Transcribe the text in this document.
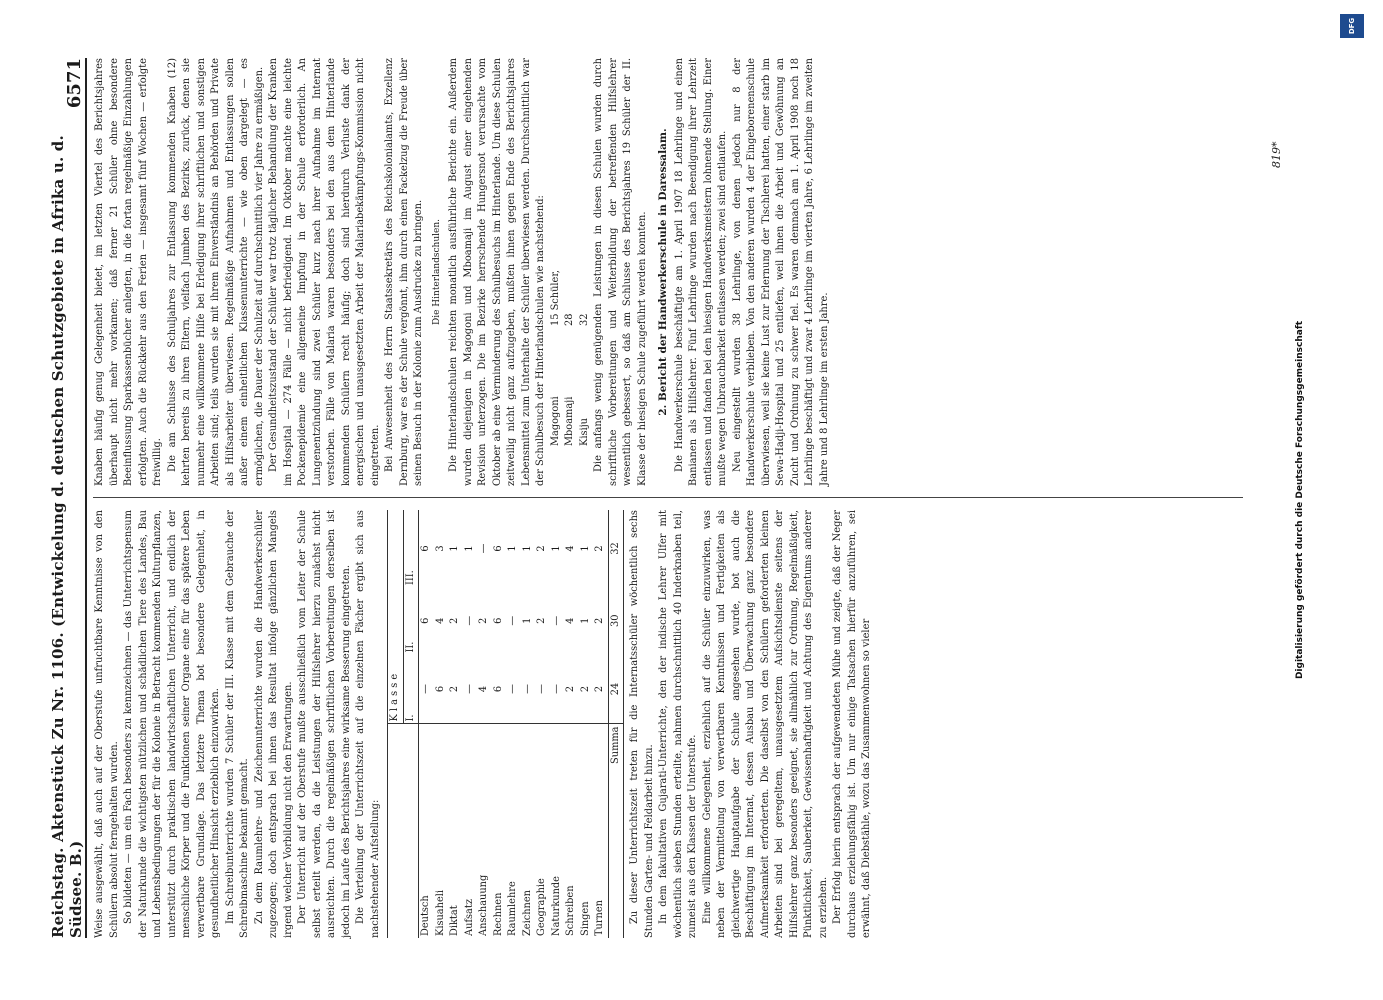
Reichstag. Aktenstück Zu Nr. 1106. (Entwickelung d. deutschen Schutzgebiete in Afrika u. d. Südsee. B.)
6571

Weise ausgewählt, daß auch auf der Oberstufe unfruchtbare Kenntnisse von den Schülern absolut ferngehalten wurden. So bildeten — um ein Fach besonders zu kennzeichnen — das Unterrichtspensum der Naturkunde die wichtigsten nützlichen und schädlichen Tiere des Landes, Bau und Lebensbedingungen der für die Kolonie in Betracht kommenden Kulturpflanzen, unterstützt durch praktischen landwirtschaftlichen Unterricht, und endlich der menschliche Körper und die Funktionen seiner Organe eine für das spätere Leben verwertbare Grundlage. Das letztere Thema bot besondere Gelegenheit, in gesundheitlicher Hinsicht erzieblich einzuwirken. Im Schreibunterrichte wurden 7 Schüler der III. Klasse mit dem Gebrauche der Schreibmaschine bekannt gemacht. Zu dem Raumlehre- und Zeichenunterrichte wurden die Handwerkerschüler zugezogen; doch entsprach bei ihnen das Resultat infolge gänzlichen Mangels irgend welcher Vorbildung nicht den Erwartungen. Der Unterricht auf der Oberstufe mußte ausschließlich vom Leiter der Schule selbst erteilt werden, da die Leistungen der Hilfslehrer hierzu zunächst nicht ausreichten. Durch die regelmäßigen schriftlichen Vorbereitungen derselben ist jedoch im Laufe des Berichtsjahres eine wirksame Besserung eingetreten. Die Verteilung der Unterrichtszeit auf die einzelnen Fächer ergibt sich aus nachstehender Aufstellung:

	K l a s s e		
	I.	II.	III.
Deutsch	—	6	6
Kisuaheli	6	4	3
Diktat	2	2	1
Aufsatz	—	—	1
Anschauung	4	2	—
Rechnen	6	6	6
Raumlehre	—	—	1
Zeichnen	—	1	1
Geographie	—	2	2
Naturkunde	—	—	1
Schreiben	2	4	4
Singen	2	1	1
Turnen	2	2	2
Summa	24	30	32 Zu dieser Unterrichtszeit treten für die Internatsschüler wöchentlich sechs Stunden Garten- und Feldarbeit hinzu. In dem fakultativen Gujarati-Unterrichte, den der indische Lehrer Ulfer mit wöchentlich sieben Stunden erteilte, nahmen durchschnittlich 40 Inderknaben teil, zumeist aus den Klassen der Unterstufe. Eine willkommene Gelegenheit, erziehlich auf die Schüler einzuwirken, was neben der Vermittelung von verwertbaren Kenntnissen und Fertigkeiten als gleichwertige Hauptaufgabe der Schule angesehen wurde, bot auch die Beschäftigung im Internat, dessen Ausbau und Überwachung ganz besondere Aufmerksamkeit erforderten. Die daselbst von den Schülern geforderten kleinen Arbeiten sind bei geregeltem, unausgesetztem Aufsichtsdienste seitens der Hilfslehrer ganz besonders geeignet, sie allmählich zur Ordnung, Regelmäßigkeit, Pünktlichkeit, Sauberkeit, Gewissenhaftigkeit und Achtung des Eigentums anderer zu erziehen. Der Erfolg hierin entsprach der aufgewendeten Mühe und zeigte, daß der Neger durchaus erziehungsfähig ist. Um nur einige Tatsachen hierfür anzuführen, sei erwähnt, daß Diebstähle, wozu das Zusammenwohnen so vieler

Knaben häufig genug Gelegenheit bietet, im letzten Viertel des Berichtsjahres überhaupt nicht mehr vorkamen; daß ferner 21 Schüler ohne besondere Beeinflussung Sparkassenbücher anlegten, in die fortan regelmäßige Einzahlungen erfolgten. Auch die Rückkehr aus den Ferien — insgesamt fünf Wochen — erfolgte freiwillig. Die am Schlusse des Schuljahres zur Entlassung kommenden Knaben (12) kehrten bereits zu ihren Eltern, vielfach Jumben des Bezirks, zurück, denen sie nunmehr eine willkommene Hilfe bei Erledigung ihrer schriftlichen und sonstigen Arbeiten sind; teils wurden sie mit ihrem Einverständnis an Behörden und Private als Hilfsarbeiter überwiesen. Regelmäßige Aufnahmen und Entlassungen sollen außer einem einheitlichen Klassenunterrichte — wie oben dargelegt — es ermöglichen, die Dauer der Schulzeit auf durchschnittlich vier Jahre zu ermäßigen. Der Gesundheitszustand der Schüler war trotz täglicher Behandlung der Kranken im Hospital — 274 Fälle — nicht befriedigend. Im Oktober machte eine leichte Pockenepidemie eine allgemeine Impfung in der Schule erforderlich. An Lungenentzündung sind zwei Schüler kurz nach ihrer Aufnahme im Internat verstorben. Fälle von Malaria waren besonders bei den aus dem Hinterlande kommenden Schülern recht häufig; doch sind hierdurch Verluste dank der energischen und unausgesetzten Arbeit der Malariabekämpfungs-Kommission nicht eingetreten. Bei Anwesenheit des Herrn Staatssekretärs des Reichskolonialamts, Exzellenz Dernburg, war es der Schule vergönnt, ihm durch einen Fackelzug die Freude über seinen Besuch in der Kolonie zum Ausdrucke zu bringen. Die Hinterlandschulen. Die Hinterlandschulen reichten monatlich ausführliche Berichte ein. Außerdem wurden diejenigen in Magogoni und Mboamaji im August einer eingehenden Revision unterzogen. Die im Bezirke herrschende Hungersnot verursachte vom Oktober ab eine Verminderung des Schulbesuchs im Hinterlande. Um diese Schulen zeitweilig nicht ganz aufzugeben, mußten ihnen gegen Ende des Berichtsjahres Lebensmittel zum Unterhalte der Schüler überwiesen werden. Durchschnittlich war der Schulbesuch der Hinterlandschulen wie nachstehend: Magogoni
15 Schüler,
Mboamaji
28
Kisiju
32 Die anfangs wenig genügenden Leistungen in diesen Schulen wurden durch schriftliche Vorbereitungen und Weiterbildung der betreffenden Hilfslehrer wesentlich gebessert, so daß am Schlusse des Berichtsjahres 19 Schüler der II. Klasse der hiesigen Schule zugeführt werden konnten. 2. Bericht der Handwerkerschule in Daressalam. Die Handwerkerschule beschäftigte am 1. April 1907 18 Lehrlinge und einen Banianen als Hilfslehrer. Fünf Lehrlinge wurden nach Beendigung ihrer Lehrzeit entlassen und fanden bei den hiesigen Handwerksmeistern lohnende Stellung. Einer mußte wegen Unbrauchbarkeit entlassen werden; zwei sind entlaufen. Neu eingestellt wurden 38 Lehrlinge, von denen jedoch nur 8 der Handwerkerschule verblieben. Von den anderen wurden 4 der Eingeborenenschule überwiesen, weil sie keine Lust zur Erlernung der Tischlerei hatten, einer starb im Sewa-Hadji-Hospital und 25 entliefen, weil ihnen die Arbeit und Gewöhnung an Zucht und Ordnung zu schwer fiel. Es waren demnach am 1. April 1908 noch 18 Lehrlinge beschäftigt und zwar 4 Lehrlinge im vierten Jahre, 6 Lehrlinge im zweiten Jahre und 8 Lehrlinge im ersten Jahre.

819*
Digitalisierung gefördert durch die Deutsche Forschungsgemeinschaft
DFG
